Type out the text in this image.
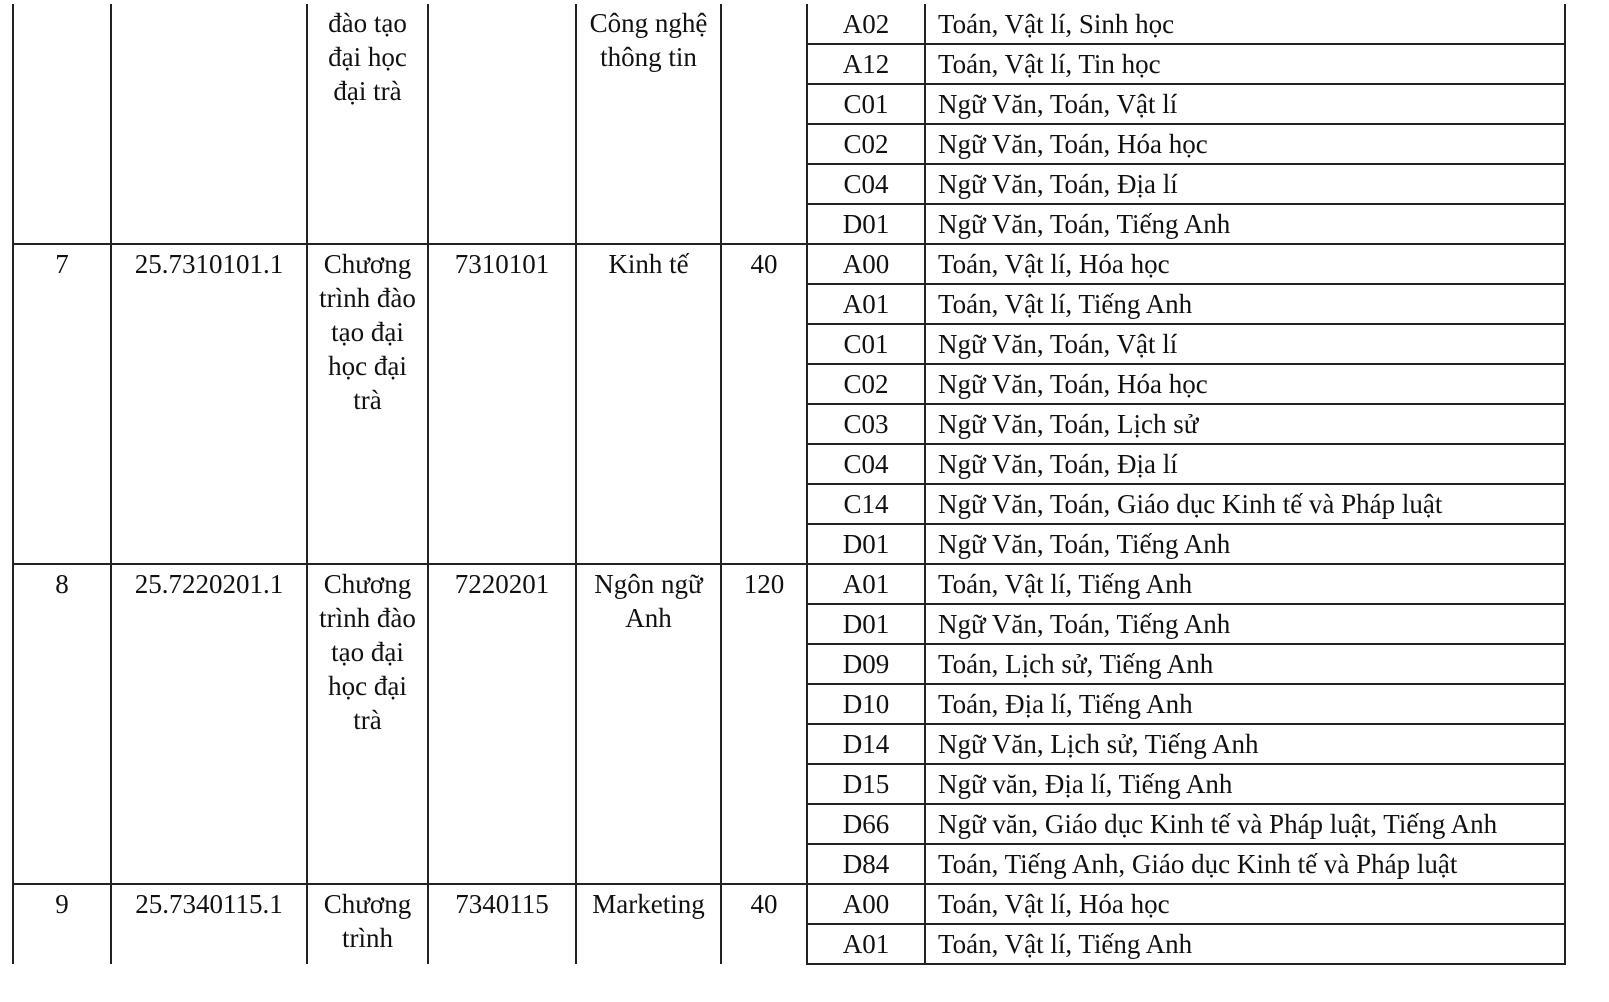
		đào tạo đại học đại trà		Công nghệ thông tin		A02	Toán, Vật lí, Sinh học
						A12	Toán, Vật lí, Tin học
						C01	Ngữ Văn, Toán, Vật lí
						C02	Ngữ Văn, Toán, Hóa học
						C04	Ngữ Văn, Toán, Địa lí
						D01	Ngữ Văn, Toán, Tiếng Anh
7	25.7310101.1	Chương trình đào tạo đại học đại trà	7310101	Kinh tế	40	A00	Toán, Vật lí, Hóa học
						A01	Toán, Vật lí, Tiếng Anh
						C01	Ngữ Văn, Toán, Vật lí
						C02	Ngữ Văn, Toán, Hóa học
						C03	Ngữ Văn, Toán, Lịch sử
						C04	Ngữ Văn, Toán, Địa lí
						C14	Ngữ Văn, Toán, Giáo dục Kinh tế và Pháp luật
						D01	Ngữ Văn, Toán, Tiếng Anh
8	25.7220201.1	Chương trình đào tạo đại học đại trà	7220201	Ngôn ngữ Anh	120	A01	Toán, Vật lí, Tiếng Anh
						D01	Ngữ Văn, Toán, Tiếng Anh
						D09	Toán, Lịch sử, Tiếng Anh
						D10	Toán, Địa lí, Tiếng Anh
						D14	Ngữ Văn, Lịch sử, Tiếng Anh
						D15	Ngữ văn, Địa lí, Tiếng Anh
						D66	Ngữ văn, Giáo dục Kinh tế và Pháp luật, Tiếng Anh
						D84	Toán, Tiếng Anh, Giáo dục Kinh tế và Pháp luật
9	25.7340115.1	Chương trình	7340115	Marketing	40	A00	Toán, Vật lí, Hóa học
						A01	Toán, Vật lí, Tiếng Anh
